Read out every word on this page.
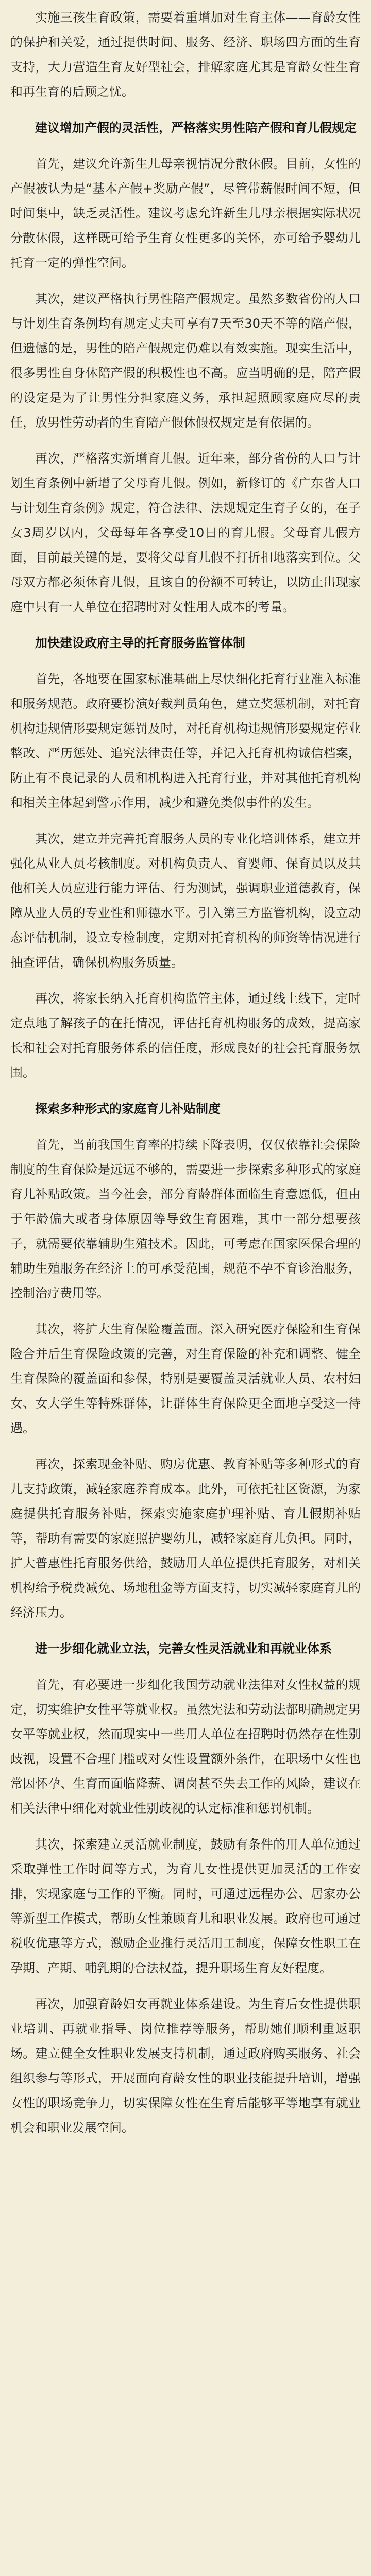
实施三孩生育政策，需要着重增加对生育主体——育龄女性的保护和关爱，通过提供时间、服务、经济、职场四方面的生育支持，大力营造生育友好型社会，排解家庭尤其是育龄女性生育和再生育的后顾之忧。

建议增加产假的灵活性，严格落实男性陪产假和育儿假规定

首先，建议允许新生儿母亲视情况分散休假。目前，女性的产假被认为是“基本产假+奖励产假”，尽管带薪假时间不短，但时间集中，缺乏灵活性。建议考虑允许新生儿母亲根据实际状况分散休假，这样既可给予生育女性更多的关怀，亦可给予婴幼儿托育一定的弹性空间。

其次，建议严格执行男性陪产假规定。虽然多数省份的人口与计划生育条例均有规定丈夫可享有7天至30天不等的陪产假，但遗憾的是，男性的陪产假规定仍难以有效实施。现实生活中，很多男性自身休陪产假的积极性也不高。应当明确的是，陪产假的设定是为了让男性分担家庭义务，承担起照顾家庭应尽的责任，放男性劳动者的生育陪产假休假权规定是有依据的。

再次，严格落实新增育儿假。近年来，部分省份的人口与计划生育条例中新增了父母育儿假。例如，新修订的《广东省人口与计划生育条例》规定，符合法律、法规规定生育子女的，在子女3周岁以内，父母每年各享受10日的育儿假。父母育儿假方面，目前最关键的是，要将父母育儿假不打折扣地落实到位。父母双方都必须休育儿假，且该自的份额不可转让，以防止出现家庭中只有一人单位在招聘时对女性用人成本的考量。

加快建设政府主导的托育服务监管体制

首先，各地要在国家标准基础上尽快细化托育行业准入标准和服务规范。政府要扮演好裁判员角色，建立奖惩机制，对托育机构违规情形要规定惩罚及时，对托育机构违规情形要规定停业整改、严历惩处、追究法律责任等，并记入托育机构诚信档案，防止有不良记录的人员和机构进入托育行业，并对其他托育机构和相关主体起到警示作用，减少和避免类似事件的发生。

其次，建立并完善托育服务人员的专业化培训体系，建立并强化从业人员考核制度。对机构负责人、育婴师、保育员以及其他相关人员应进行能力评估、行为测试，强调职业道德教育，保障从业人员的专业性和师德水平。引入第三方监管机构，设立动态评估机制，设立专检制度，定期对托育机构的师资等情况进行抽查评估，确保机构服务质量。

再次，将家长纳入托育机构监管主体，通过线上线下，定时定点地了解孩子的在托情况，评估托育机构服务的成效，提高家长和社会对托育服务体系的信任度，形成良好的社会托育服务氛围。

探索多种形式的家庭育儿补贴制度

首先，当前我国生育率的持续下降表明，仅仅依靠社会保险制度的生育保险是远远不够的，需要进一步探索多种形式的家庭育儿补贴政策。当今社会，部分育龄群体面临生育意愿低，但由于年龄偏大或者身体原因等导致生育困难，其中一部分想要孩子，就需要依靠辅助生殖技术。因此，可考虑在国家医保合理的辅助生殖服务在经济上的可承受范围，规范不孕不育诊治服务，控制治疗费用等。

其次，将扩大生育保险覆盖面。深入研究医疗保险和生育保险合并后生育保险政策的完善，对生育保险的补充和调整、健全生育保险的覆盖面和参保，特别是要覆盖灵活就业人员、农村妇女、女大学生等特殊群体，让群体生育保险更全面地享受这一待遇。

再次，探索现金补贴、购房优惠、教育补贴等多种形式的育儿支持政策，减轻家庭养育成本。此外，可依托社区资源，为家庭提供托育服务补贴，探索实施家庭护理补贴、育儿假期补贴等，帮助有需要的家庭照护婴幼儿，减轻家庭育儿负担。同时，扩大普惠性托育服务供给，鼓励用人单位提供托育服务，对相关机构给予税费减免、场地租金等方面支持，切实减轻家庭育儿的经济压力。

进一步细化就业立法，完善女性灵活就业和再就业体系

首先，有必要进一步细化我国劳动就业法律对女性权益的规定，切实维护女性平等就业权。虽然宪法和劳动法都明确规定男女平等就业权，然而现实中一些用人单位在招聘时仍然存在性别歧视，设置不合理门槛或对女性设置额外条件，在职场中女性也常因怀孕、生育而面临降薪、调岗甚至失去工作的风险，建议在相关法律中细化对就业性别歧视的认定标准和惩罚机制。

其次，探索建立灵活就业制度，鼓励有条件的用人单位通过采取弹性工作时间等方式，为育儿女性提供更加灵活的工作安排，实现家庭与工作的平衡。同时，可通过远程办公、居家办公等新型工作模式，帮助女性兼顾育儿和职业发展。政府也可通过税收优惠等方式，激励企业推行灵活用工制度，保障女性职工在孕期、产期、哺乳期的合法权益，提升职场生育友好程度。

再次，加强育龄妇女再就业体系建设。为生育后女性提供职业培训、再就业指导、岗位推荐等服务，帮助她们顺利重返职场。建立健全女性职业发展支持机制，通过政府购买服务、社会组织参与等形式，开展面向育龄女性的职业技能提升培训，增强女性的职场竞争力，切实保障女性在生育后能够平等地享有就业机会和职业发展空间。
